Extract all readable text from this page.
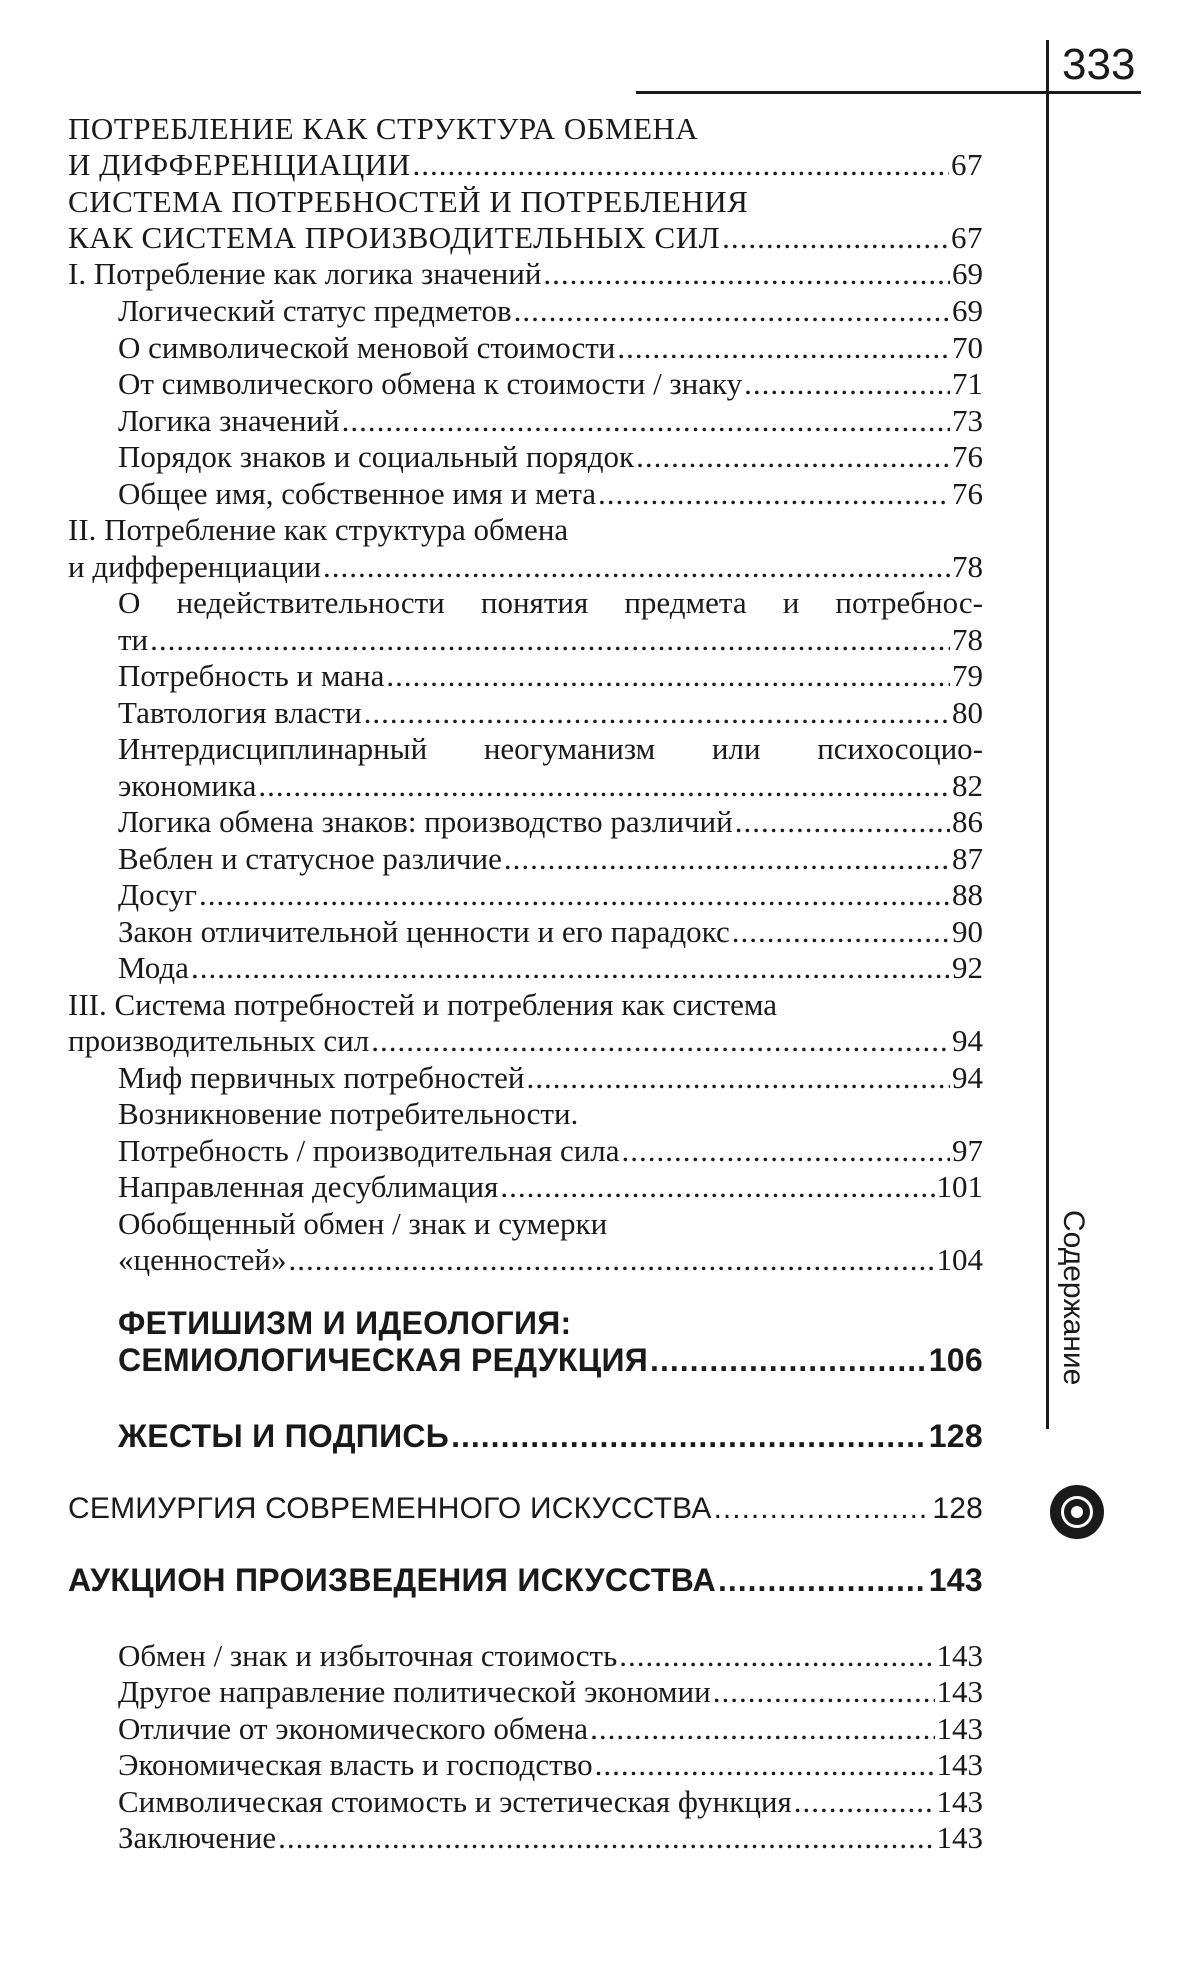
333
ПОТРЕБЛЕНИЕ КАК СТРУКТУРА ОБМЕНА
И ДИФФЕРЕНЦИАЦИИ .....	67
СИСТЕМА ПОТРЕБНОСТЕЙ И ПОТРЕБЛЕНИЯ
КАК СИСТЕМА ПРОИЗВОДИТЕЛЬНЫХ СИЛ .....	67
I. Потребление как логика значений .....	69
Логический статус предметов .....	69
О символической меновой стоимости .....	70
От символического обмена к стоимости / знаку .....	71
Логика значений .....	73
Порядок знаков и социальный порядок .....	76
Общее имя, собственное имя и мета .....	76
II. Потребление как структура обмена
и дифференциации .....	78
О недействительности понятия предмета и потребнос-
ти .....	78
Потребность и мана .....	79
Тавтология власти .....	80
Интердисциплинарный неогуманизм или психосоцио-
экономика .....	82
Логика обмена знаков: производство различий .....	86
Веблен и статусное различие .....	87
Досуг .....	88
Закон отличительной ценности и его парадокс .....	90
Мода .....	92
III. Система потребностей и потребления как система
производительных сил .....	94
Миф первичных потребностей .....	94
Возникновение потребительности.
Потребность / производительная сила .....	97
Направленная десублимация .....	101
Обобщенный обмен / знак и сумерки
«ценностей» .....	104
ФЕТИШИЗМ И ИДЕОЛОГИЯ:
СЕМИОЛОГИЧЕСКАЯ РЕДУКЦИЯ .....	106
ЖЕСТЫ И ПОДПИСЬ .....	128
СЕМИУРГИЯ СОВРЕМЕННОГО ИСКУССТВА .....	128
АУКЦИОН ПРОИЗВЕДЕНИЯ ИСКУССТВА .....	143
Обмен / знак и избыточная стоимость .....	143
Другое направление политической экономии .....	143
Отличие от экономического обмена .....	143
Экономическая власть и господство .....	143
Символическая стоимость и эстетическая функция .....	143
Заключение .....	143
Содержание
